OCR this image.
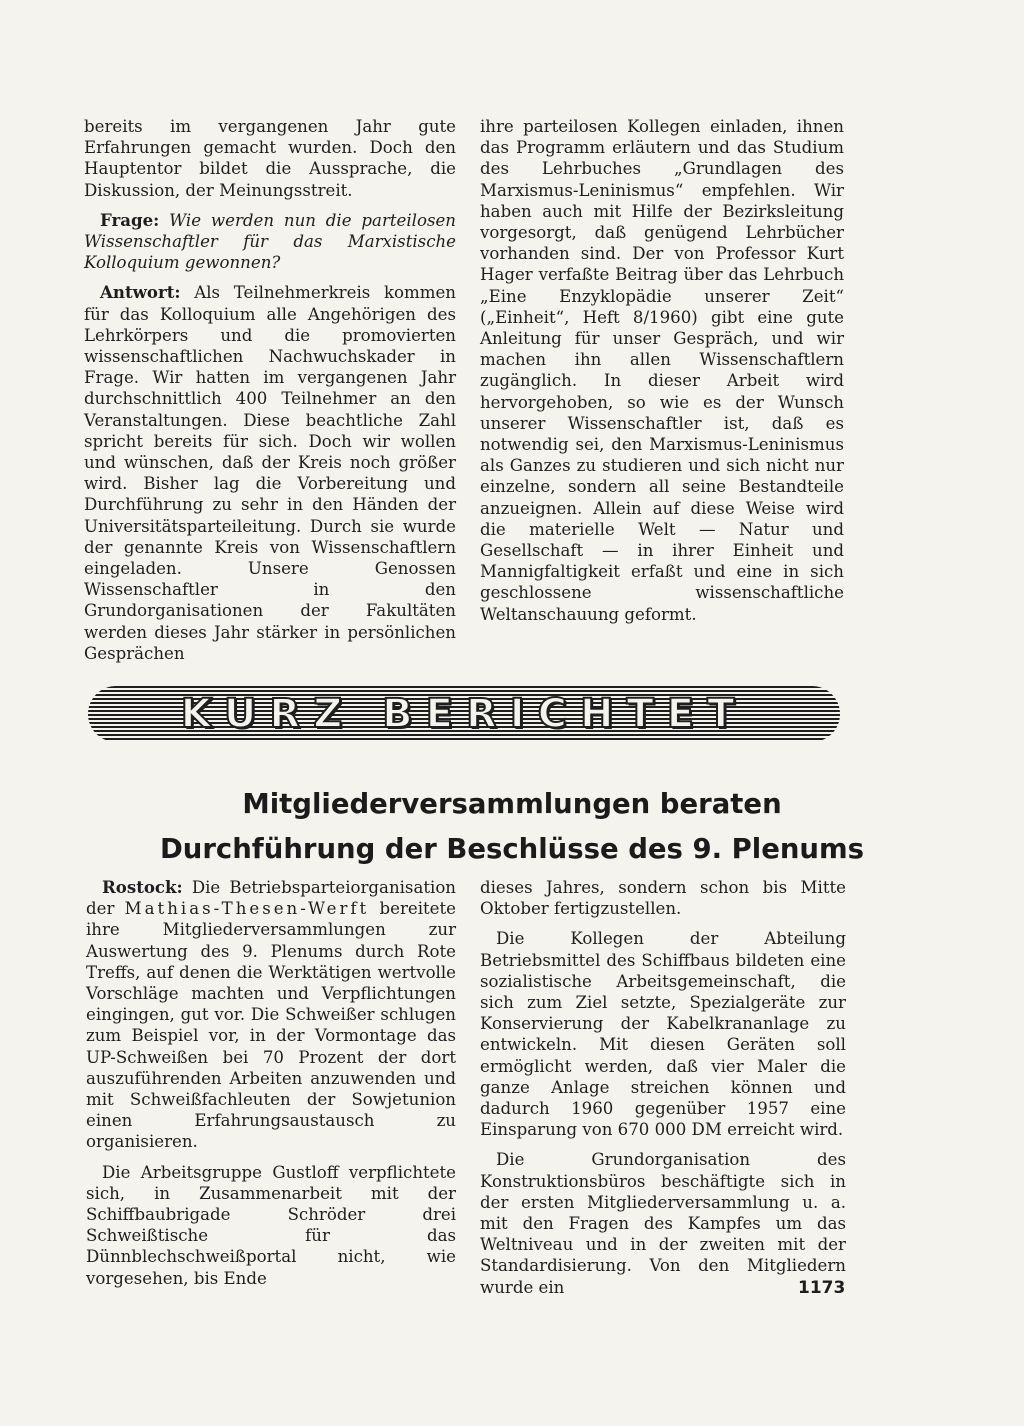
bereits im vergangenen Jahr gute Erfahrungen gemacht wurden. Doch den Hauptentor bildet die Aussprache, die Diskussion, der Meinungsstreit.

Frage: Wie werden nun die parteilosen Wissenschaftler für das Marxistische Kolloquium gewonnen?

Antwort: Als Teilnehmerkreis kommen für das Kolloquium alle Angehörigen des Lehrkörpers und die promovierten wissenschaftlichen Nachwuchskader in Frage. Wir hatten im vergangenen Jahr durchschnittlich 400 Teilnehmer an den Veranstaltungen. Diese beachtliche Zahl spricht bereits für sich. Doch wir wollen und wünschen, daß der Kreis noch größer wird. Bisher lag die Vorbereitung und Durchführung zu sehr in den Händen der Universitätsparteileitung. Durch sie wurde der genannte Kreis von Wissenschaftlern eingeladen. Unsere Genossen Wissenschaftler in den Grundorganisationen der Fakultäten werden dieses Jahr stärker in persönlichen Gesprächen

ihre parteilosen Kollegen einladen, ihnen das Programm erläutern und das Studium des Lehrbuches „Grundlagen des Marxismus-Leninismus“ empfehlen. Wir haben auch mit Hilfe der Bezirksleitung vorgesorgt, daß genügend Lehrbücher vorhanden sind. Der von Professor Kurt Hager verfaßte Beitrag über das Lehrbuch „Eine Enzyklopädie unserer Zeit“ („Einheit“, Heft 8/1960) gibt eine gute Anleitung für unser Gespräch, und wir machen ihn allen Wissenschaftlern zugänglich. In dieser Arbeit wird hervorgehoben, so wie es der Wunsch unserer Wissenschaftler ist, daß es notwendig sei, den Marxismus-Leninismus als Ganzes zu studieren und sich nicht nur einzelne, sondern all seine Bestandteile anzueignen. Allein auf diese Weise wird die materielle Welt — Natur und Gesellschaft — in ihrer Einheit und Mannigfaltigkeit erfaßt und eine in sich geschlossene wissenschaftliche Weltanschauung geformt.

KURZ BERICHTET
Mitgliederversammlungen beraten
Durchführung der Beschlüsse des 9. Plenums

Rostock: Die Betriebsparteiorganisation der Mathias-Thesen-Werft bereitete ihre Mitgliederversammlungen zur Auswertung des 9. Plenums durch Rote Treffs, auf denen die Werktätigen wertvolle Vorschläge machten und Verpflichtungen eingingen, gut vor. Die Schweißer schlugen zum Beispiel vor, in der Vormontage das UP-Schweißen bei 70 Prozent der dort auszuführenden Arbeiten anzuwenden und mit Schweißfachleuten der Sowjetunion einen Erfahrungsaustausch zu organisieren.

Die Arbeitsgruppe Gustloff verpflichtete sich, in Zusammenarbeit mit der Schiffbaubrigade Schröder drei Schweißtische für das Dünnblechschweißportal nicht, wie vorgesehen, bis Ende

dieses Jahres, sondern schon bis Mitte Oktober fertigzustellen.

Die Kollegen der Abteilung Betriebsmittel des Schiffbaus bildeten eine sozialistische Arbeitsgemeinschaft, die sich zum Ziel setzte, Spezialgeräte zur Konservierung der Kabelkrananlage zu entwickeln. Mit diesen Geräten soll ermöglicht werden, daß vier Maler die ganze Anlage streichen können und dadurch 1960 gegenüber 1957 eine Einsparung von 670 000 DM erreicht wird.

Die Grundorganisation des Konstruktionsbüros beschäftigte sich in der ersten Mitgliederversammlung u. a. mit den Fragen des Kampfes um das Weltniveau und in der zweiten mit der Standardisierung. Von den Mitgliedern wurde ein	1173
